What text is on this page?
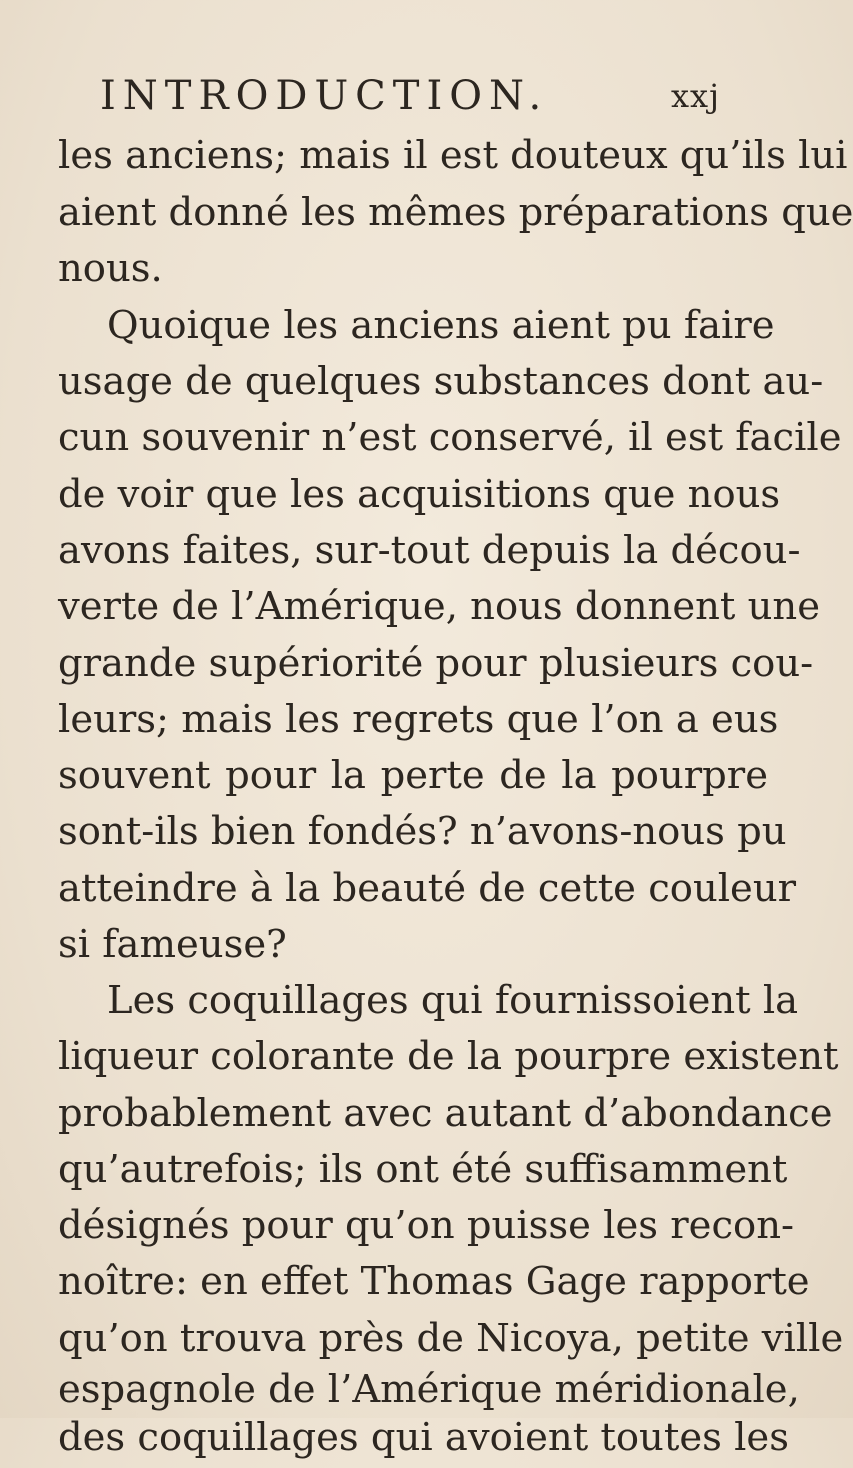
INTRODUCTION.	xxj
les anciens; mais il est douteux qu’ils lui
aient donné les mêmes préparations que
nous.
Quoique les anciens aient pu faire
usage de quelques substances dont au-
cun souvenir n’est conservé, il est facile
de voir que les acquisitions que nous
avons faites, sur-tout depuis la décou-
verte de l’Amérique, nous donnent une
grande supériorité pour plusieurs cou-
leurs; mais les regrets que l’on a eus
souvent pour la perte de la pourpre
sont-ils bien fondés? n’avons-nous pu
atteindre à la beauté de cette couleur
si fameuse?
Les coquillages qui fournissoient la
liqueur colorante de la pourpre existent
probablement avec autant d’abondance
qu’autrefois; ils ont été suffisamment
désignés pour qu’on puisse les recon-
noître: en effet Thomas Gage rapporte
qu’on trouva près de Nicoya, petite ville
espagnole de l’Amérique méridionale,
des coquillages qui avoient toutes les
